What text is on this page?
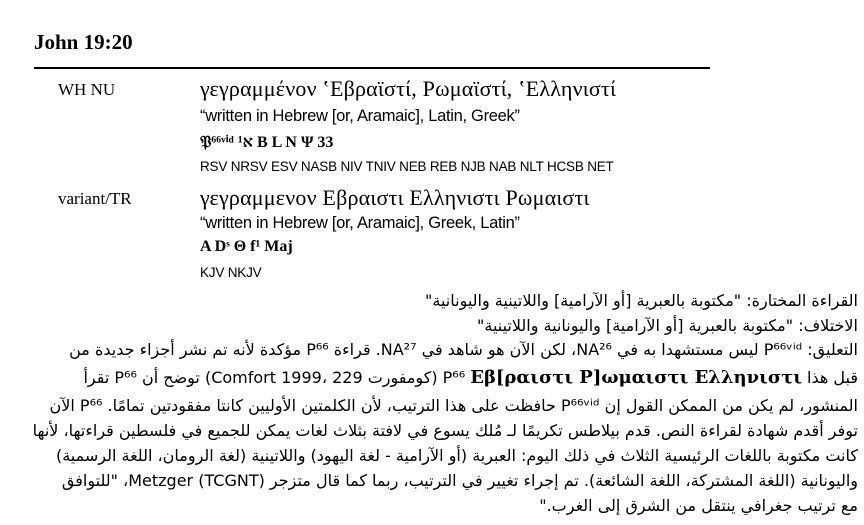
John 19:20
WH NU	γεγραμμένον ʽΕβραϊστί, Ρωμαϊστί, ʽΕλληνιστί
“written in Hebrew [or, Aramaic], Latin, Greek”
𝔓⁶⁶ᵛⁱᵈ א¹ B L N Ψ 33
RSV NRSV ESV NASB NIV TNIV NEB REB NJB NAB NLT HCSB NET
variant/TR	γεγραμμενον Εβραιστι Ελληνιστι Ρωμαιστι
“written in Hebrew [or, Aramaic], Greek, Latin”
A Dˢ Θ f¹ Maj
KJV NKJV
القراءة المختارة: "مكتوبة بالعبرية [أو الآرامية] واللاتينية واليونانية"
الاختلاف: "مكتوبة بالعبرية [أو الآرامية] واليونانية واللاتينية"
التعليق: P⁶⁶ᵛⁱᵈ ليس مستشهدا به في NA²⁶، لكن الآن هو شاهد في NA²⁷. قراءة P⁶⁶ مؤكدة لأنه تم نشر أجزاء جديدة من
قبل هذا Εβ[ραιστι Ρ]ωμαιστι Ελληνιστι P⁶⁶ (كومفورت Comfort 1999، 229) توضح أن P⁶⁶ تقرأ
المنشور، لم يكن من الممكن القول إن P⁶⁶ᵛⁱᵈ حافظت على هذا الترتيب، لأن الكلمتين الأوليين كانتا مفقودتين تمامًا. P⁶⁶ الآن
توفر أقدم شهادة لقراءة النص. قدم بيلاطس تكريمًا لـ مُلك يسوع في لافتة بثلاث لغات يمكن للجميع في فلسطين قراءتها، لأنها
كانت مكتوبة باللغات الرئيسية الثلاث في ذلك اليوم: العبرية (أو الآرامية - لغة اليهود) واللاتينية (لغة الرومان، اللغة الرسمية)
واليونانية (اللغة المشتركة، اللغة الشائعة). تم إجراء تغيير في الترتيب، ربما كما قال متزجر Metzger (TCGNT)، "للتوافق
مع ترتيب جغرافي ينتقل من الشرق إلى الغرب."
